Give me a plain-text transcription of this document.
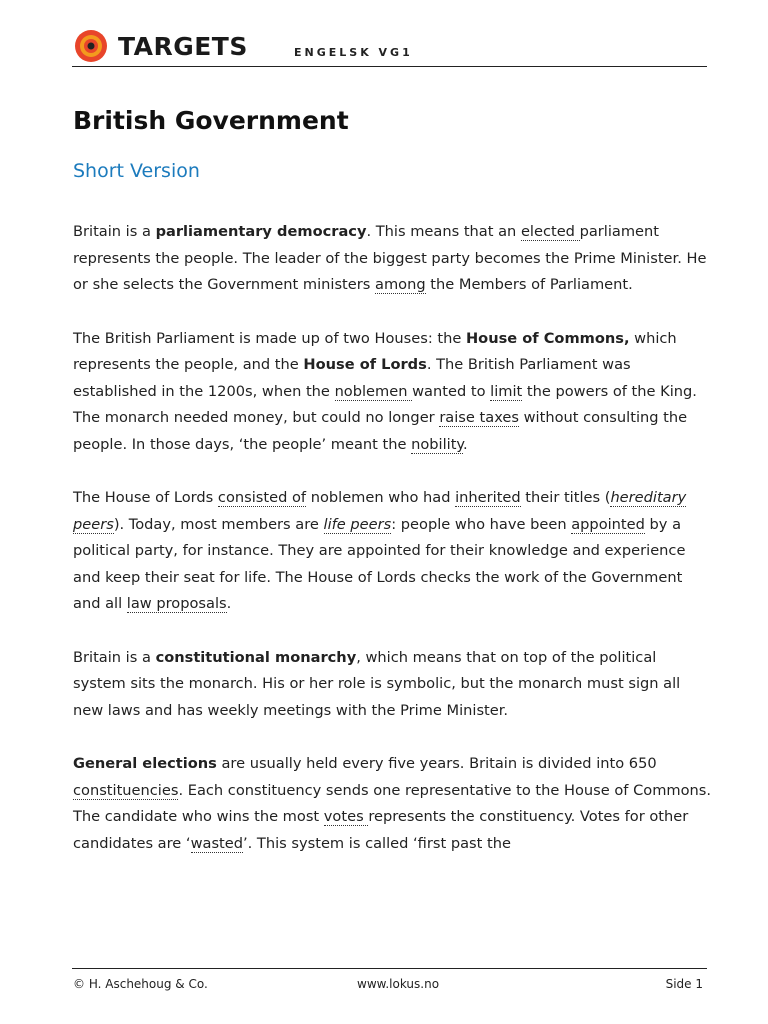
TARGETS	ENGELSK VG1
British Government
Short Version

Britain is a parliamentary democracy. This means that an elected parliament represents the people. The leader of the biggest party becomes the Prime Minister. He or she selects the Government ministers among the Members of Parliament.

The British Parliament is made up of two Houses: the House of Commons, which represents the people, and the House of Lords. The British Parliament was established in the 1200s, when the noblemen wanted to limit the powers of the King. The monarch needed money, but could no longer raise taxes without consulting the people. In those days, ‘the people’ meant the nobility.

The House of Lords consisted of noblemen who had inherited their titles (hereditary peers). Today, most members are life peers: people who have been appointed by a political party, for instance. They are appointed for their knowledge and experience and keep their seat for life. The House of Lords checks the work of the Government and all law proposals.

Britain is a constitutional monarchy, which means that on top of the political system sits the monarch. His or her role is symbolic, but the monarch must sign all new laws and has weekly meetings with the Prime Minister.

General elections are usually held every five years. Britain is divided into 650 constituencies. Each constituency sends one representative to the House of Commons. The candidate who wins the most votes represents the constituency. Votes for other candidates are ‘wasted’. This system is called ‘first past the

© H. Aschehoug & Co.	www.lokus.no	Side 1
